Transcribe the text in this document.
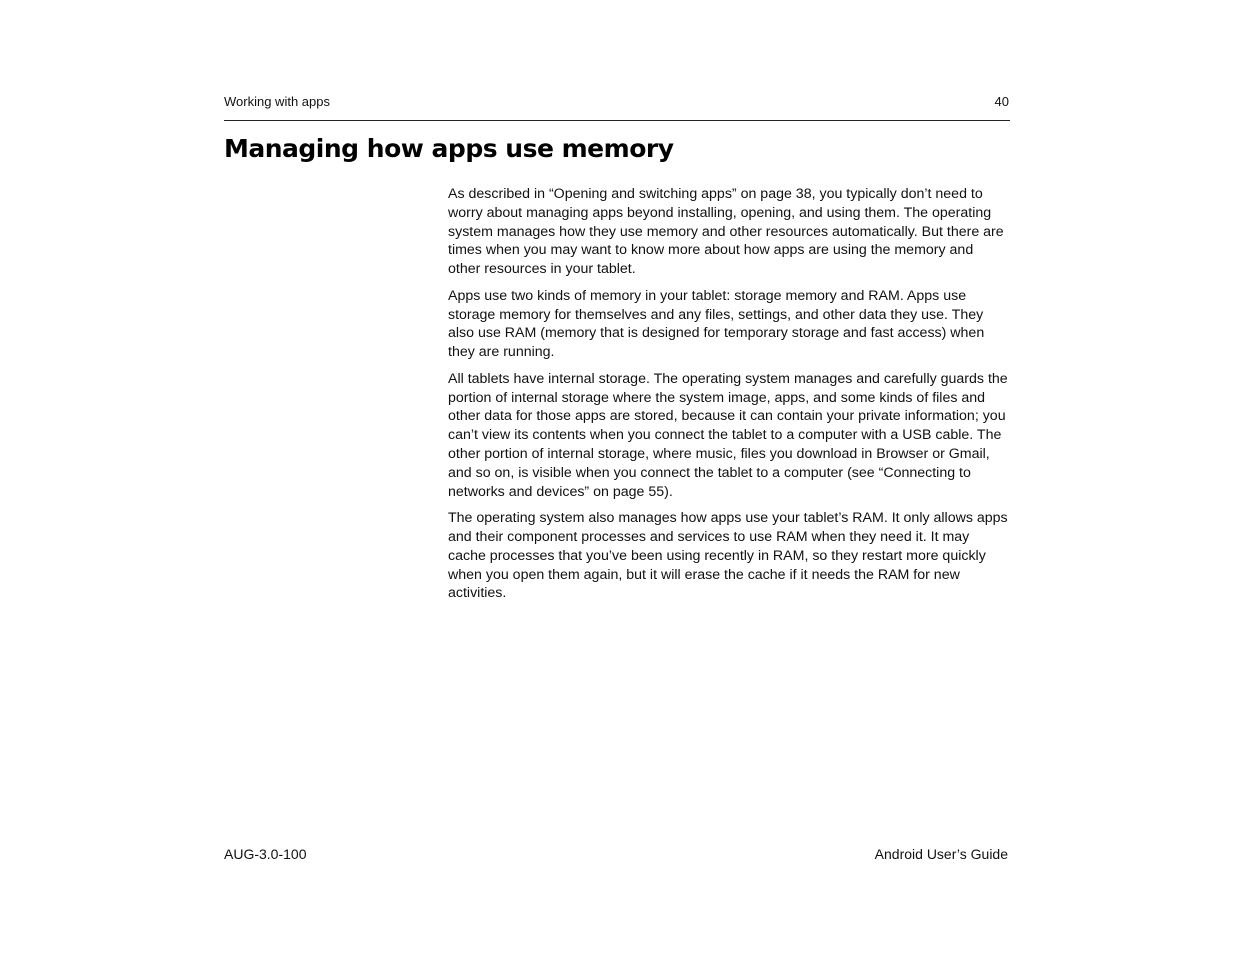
Working with apps	40
Managing how apps use memory

As described in “Opening and switching apps” on page 38, you typically don’t need to worry about managing apps beyond installing, opening, and using them. The operating system manages how they use memory and other resources automatically. But there are times when you may want to know more about how apps are using the memory and other resources in your tablet.

Apps use two kinds of memory in your tablet: storage memory and RAM. Apps use storage memory for themselves and any files, settings, and other data they use. They also use RAM (memory that is designed for temporary storage and fast access) when they are running.

All tablets have internal storage. The operating system manages and carefully guards the portion of internal storage where the system image, apps, and some kinds of files and other data for those apps are stored, because it can contain your private information; you can’t view its contents when you connect the tablet to a computer with a USB cable. The other portion of internal storage, where music, files you download in Browser or Gmail, and so on, is visible when you connect the tablet to a computer (see “Connecting to networks and devices” on page 55).

The operating system also manages how apps use your tablet’s RAM. It only allows apps and their component processes and services to use RAM when they need it. It may cache processes that you’ve been using recently in RAM, so they restart more quickly when you open them again, but it will erase the cache if it needs the RAM for new activities.

AUG-3.0-100	Android User’s Guide
